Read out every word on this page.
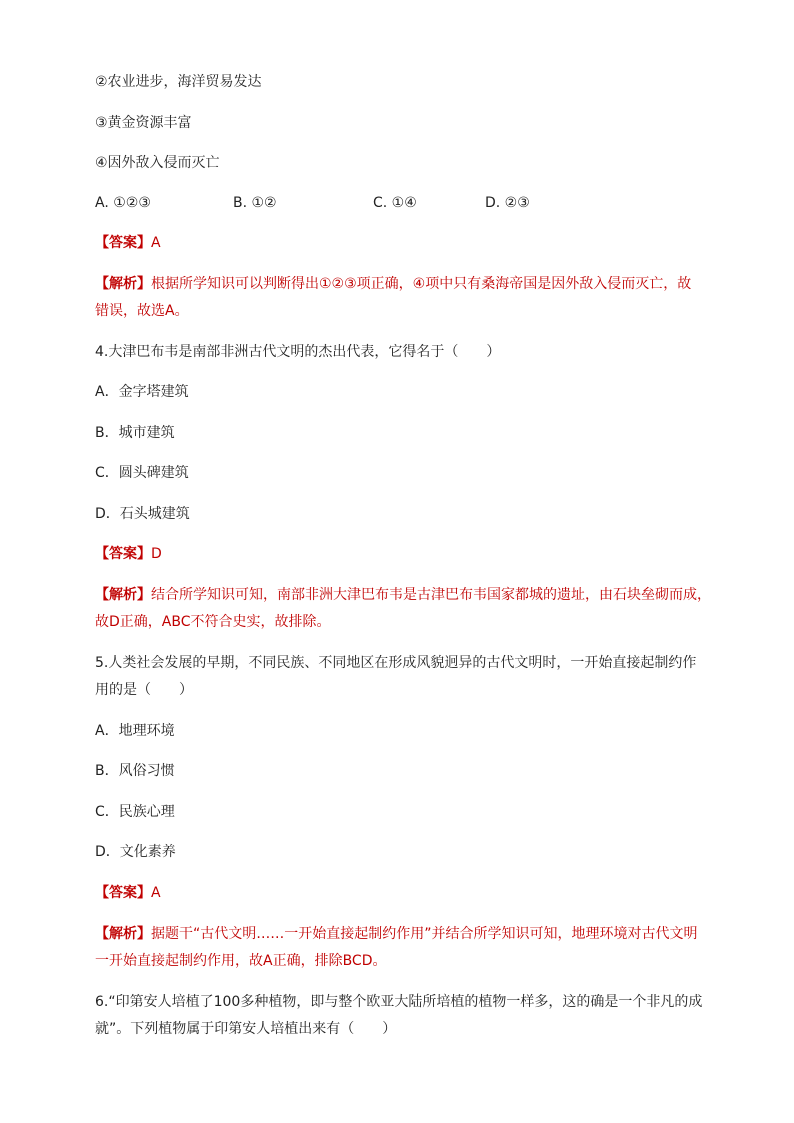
②农业进步，海洋贸易发达
③黄金资源丰富
④因外敌入侵而灭亡
A. ①②③	B. ①②	C. ①④	D. ②③
【答案】A
【解析】根据所学知识可以判断得出①②③项正确，④项中只有桑海帝国是因外敌入侵而灭亡，故
错误，故选A。
4.大津巴布韦是南部非洲古代文明的杰出代表，它得名于（　　）
A．金字塔建筑
B．城市建筑
C．圆头碑建筑
D．石头城建筑
【答案】D
【解析】结合所学知识可知，南部非洲大津巴布韦是古津巴布韦国家都城的遗址，由石块垒砌而成，
故D正确，ABC不符合史实，故排除。
5.人类社会发展的早期，不同民族、不同地区在形成风貌迥异的古代文明时，一开始直接起制约作
用的是（　　）
A．地理环境
B．风俗习惯
C．民族心理
D．文化素养
【答案】A
【解析】据题干“古代文明……一开始直接起制约作用”并结合所学知识可知，地理环境对古代文明
一开始直接起制约作用，故A正确，排除BCD。
6.“印第安人培植了100多种植物，即与整个欧亚大陆所培植的植物一样多，这的确是一个非凡的成
就”。下列植物属于印第安人培植出来有（　　）
